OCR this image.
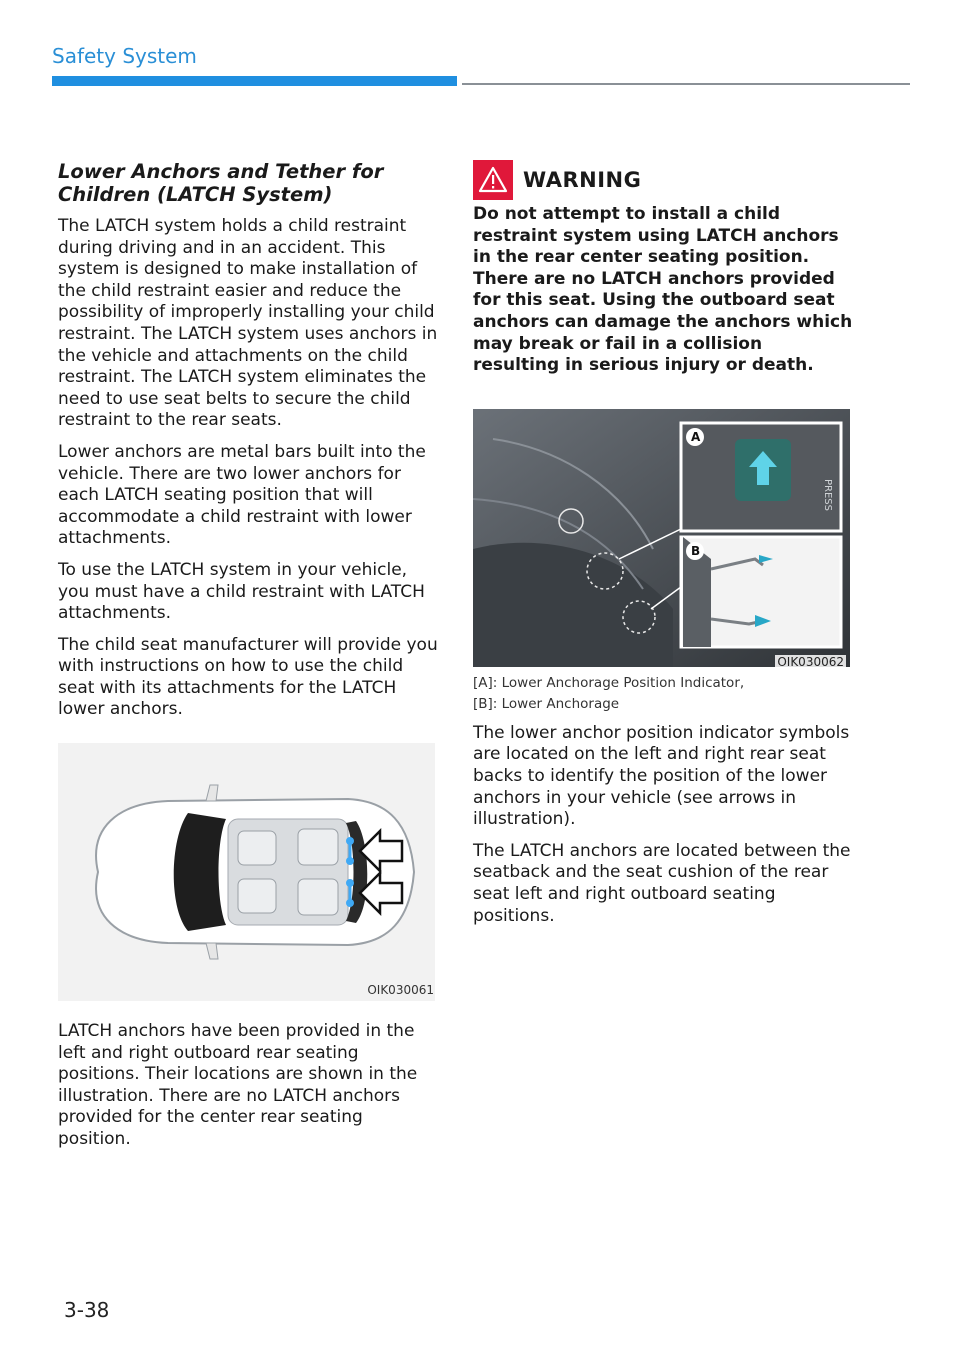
Safety System
Lower Anchors and Tether for Children (LATCH System)

The LATCH system holds a child restraint during driving and in an accident. This system is designed to make installation of the child restraint easier and reduce the possibility of improperly installing your child restraint. The LATCH system uses anchors in the vehicle and attachments on the child restraint. The LATCH system eliminates the need to use seat belts to secure the child restraint to the rear seats.

Lower anchors are metal bars built into the vehicle. There are two lower anchors for each LATCH seating position that will accommodate a child restraint with lower attachments.

To use the LATCH system in your vehicle, you must have a child restraint with LATCH attachments.

The child seat manufacturer will provide you with instructions on how to use the child seat with its attachments for the LATCH lower anchors.

OIK030061

LATCH anchors have been provided in the left and right outboard rear seating positions. Their locations are shown in the illustration. There are no LATCH anchors provided for the center rear seating position.

WARNING

Do not attempt to install a child restraint system using LATCH anchors in the rear center seating position. There are no LATCH anchors provided for this seat. Using the outboard seat anchors can damage the anchors which may break or fail in a collision resulting in serious injury or death.

PRESS
A
B
OIK030062
[A]: Lower Anchorage Position Indicator,
[B]: Lower Anchorage

The lower anchor position indicator symbols are located on the left and right rear seat backs to identify the position of the lower anchors in your vehicle (see arrows in illustration).

The LATCH anchors are located between the seatback and the seat cushion of the rear seat left and right outboard seating positions.

3-38
